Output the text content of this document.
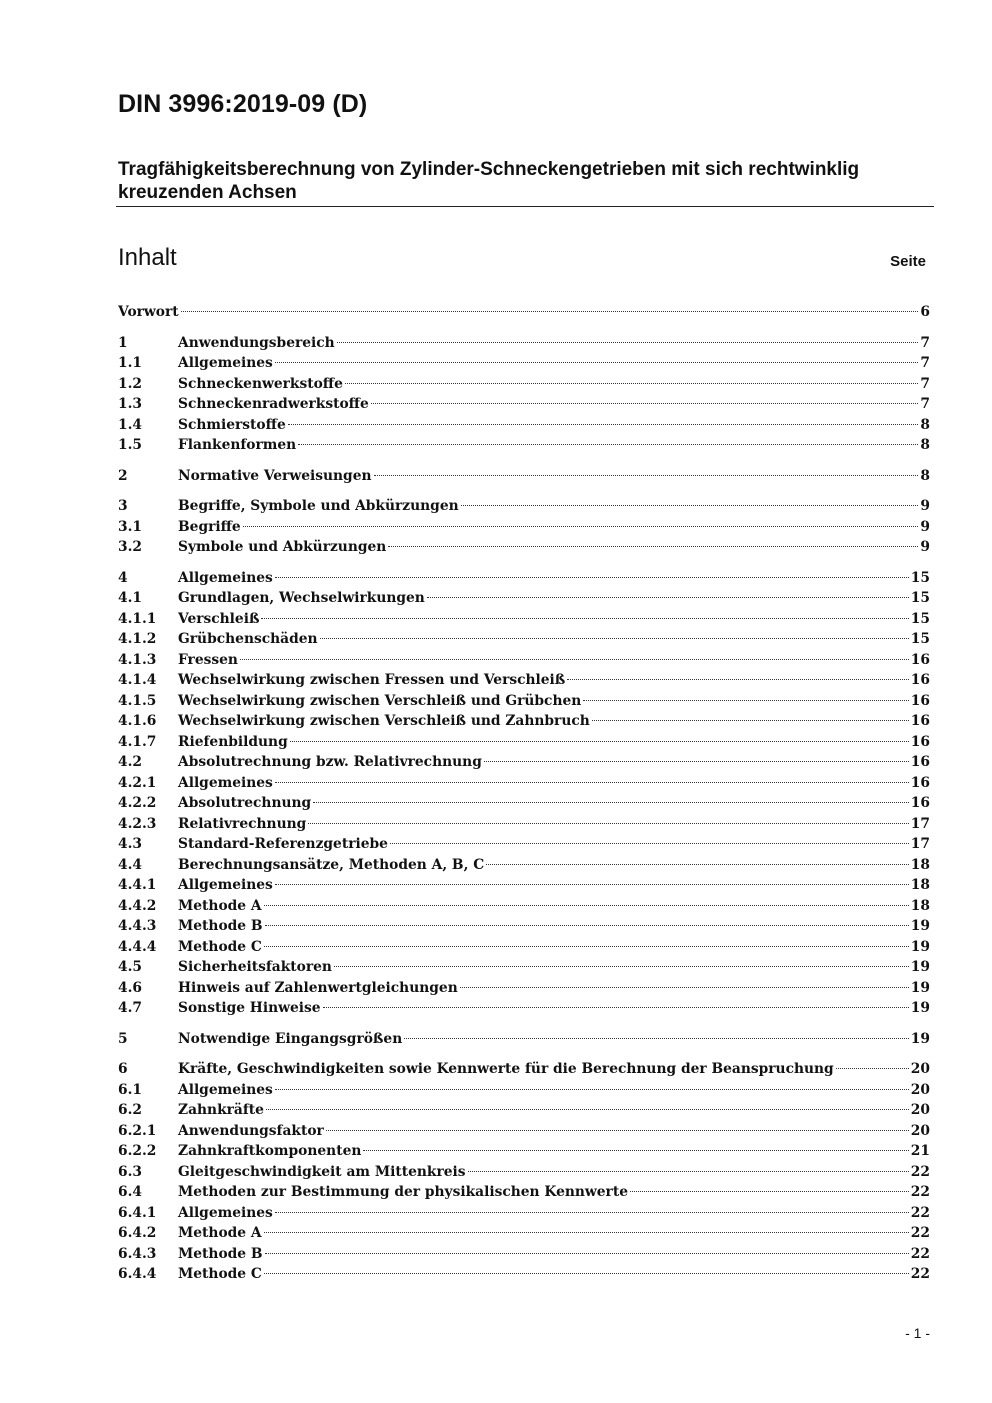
DIN 3996:2019-09 (D)
Tragfähigkeitsberechnung von Zylinder-Schneckengetrieben mit sich rechtwinklig kreuzenden Achsen
Inhalt	Seite
Vorwort	6
1	Anwendungsbereich	7
1.1	Allgemeines	7
1.2	Schneckenwerkstoffe	7
1.3	Schneckenradwerkstoffe	7
1.4	Schmierstoffe	8
1.5	Flankenformen	8
2	Normative Verweisungen	8
3	Begriffe, Symbole und Abkürzungen	9
3.1	Begriffe	9
3.2	Symbole und Abkürzungen	9
4	Allgemeines	15
4.1	Grundlagen, Wechselwirkungen	15
4.1.1	Verschleiß	15
4.1.2	Grübchenschäden	15
4.1.3	Fressen	16
4.1.4	Wechselwirkung zwischen Fressen und Verschleiß	16
4.1.5	Wechselwirkung zwischen Verschleiß und Grübchen	16
4.1.6	Wechselwirkung zwischen Verschleiß und Zahnbruch	16
4.1.7	Riefenbildung	16
4.2	Absolutrechnung bzw. Relativrechnung	16
4.2.1	Allgemeines	16
4.2.2	Absolutrechnung	16
4.2.3	Relativrechnung	17
4.3	Standard-Referenzgetriebe	17
4.4	Berechnungsansätze, Methoden A, B, C	18
4.4.1	Allgemeines	18
4.4.2	Methode A	18
4.4.3	Methode B	19
4.4.4	Methode C	19
4.5	Sicherheitsfaktoren	19
4.6	Hinweis auf Zahlenwertgleichungen	19
4.7	Sonstige Hinweise	19
5	Notwendige Eingangsgrößen	19
6	Kräfte, Geschwindigkeiten sowie Kennwerte für die Berechnung der Beanspruchung	20
6.1	Allgemeines	20
6.2	Zahnkräfte	20
6.2.1	Anwendungsfaktor	20
6.2.2	Zahnkraftkomponenten	21
6.3	Gleitgeschwindigkeit am Mittenkreis	22
6.4	Methoden zur Bestimmung der physikalischen Kennwerte	22
6.4.1	Allgemeines	22
6.4.2	Methode A	22
6.4.3	Methode B	22
6.4.4	Methode C	22
- 1 -
